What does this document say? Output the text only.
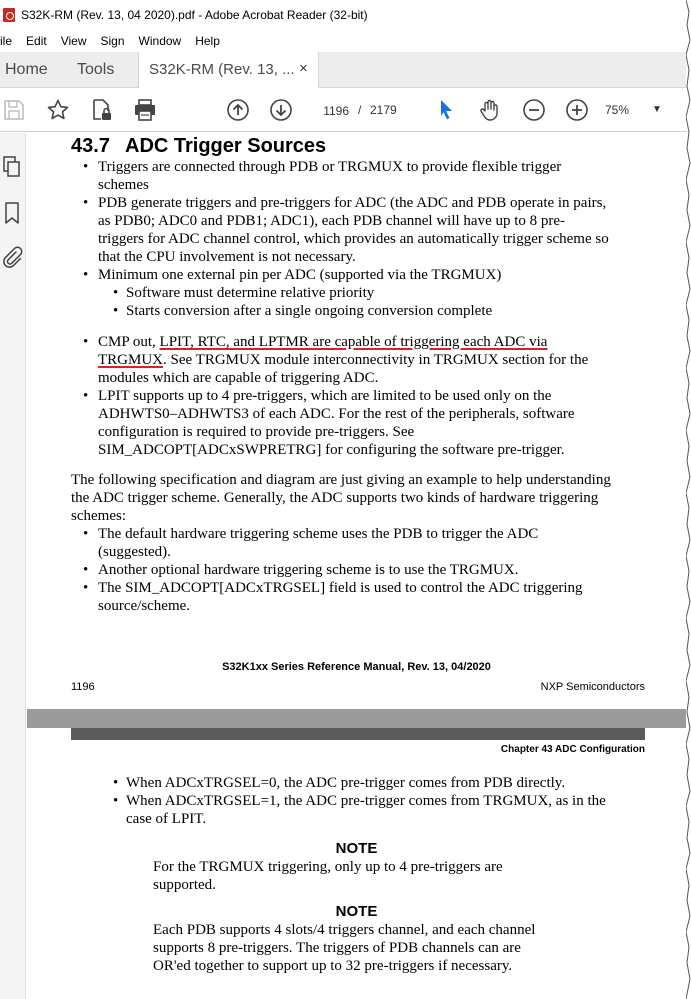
S32K-RM (Rev. 13, 04 2020).pdf - Adobe Acrobat Reader (32-bit)
ile	Edit	View	Sign	Window	Help
Home Tools S32K-RM (Rev. 13, ... ×
1196 / 2179	75%	▼
43.7 ADC Trigger Sources
• Triggers are connected through PDB or TRGMUX to provide flexible trigger
schemes
• PDB generate triggers and pre-triggers for ADC (the ADC and PDB operate in pairs,
as PDB0; ADC0 and PDB1; ADC1), each PDB channel will have up to 8 pre-
triggers for ADC channel control, which provides an automatically trigger scheme so
that the CPU involvement is not necessary.
• Minimum one external pin per ADC (supported via the TRGMUX)
• Software must determine relative priority
• Starts conversion after a single ongoing conversion complete
• CMP out, LPIT, RTC, and LPTMR are capable of triggering each ADC via
TRGMUX. See TRGMUX module interconnectivity in TRGMUX section for the
modules which are capable of triggering ADC.
• LPIT supports up to 4 pre-triggers, which are limited to be used only on the
ADHWTS0–ADHWTS3 of each ADC. For the rest of the peripherals, software
configuration is required to provide pre-triggers. See
SIM_ADCOPT[ADCxSWPRETRG] for configuring the software pre-trigger.
The following specification and diagram are just giving an example to help understanding
the ADC trigger scheme. Generally, the ADC supports two kinds of hardware triggering
schemes:
• The default hardware triggering scheme uses the PDB to trigger the ADC
(suggested).
• Another optional hardware triggering scheme is to use the TRGMUX.
• The SIM_ADCOPT[ADCxTRGSEL] field is used to control the ADC triggering
source/scheme.
S32K1xx Series Reference Manual, Rev. 13, 04/2020
1196	NXP Semiconductors
Chapter 43 ADC Configuration
• When ADCxTRGSEL=0, the ADC pre-trigger comes from PDB directly.
• When ADCxTRGSEL=1, the ADC pre-trigger comes from TRGMUX, as in the
case of LPIT.
NOTE
For the TRGMUX triggering, only up to 4 pre-triggers are
supported.
NOTE
Each PDB supports 4 slots/4 triggers channel, and each channel
supports 8 pre-triggers. The triggers of PDB channels can are
OR'ed together to support up to 32 pre-triggers if necessary.
